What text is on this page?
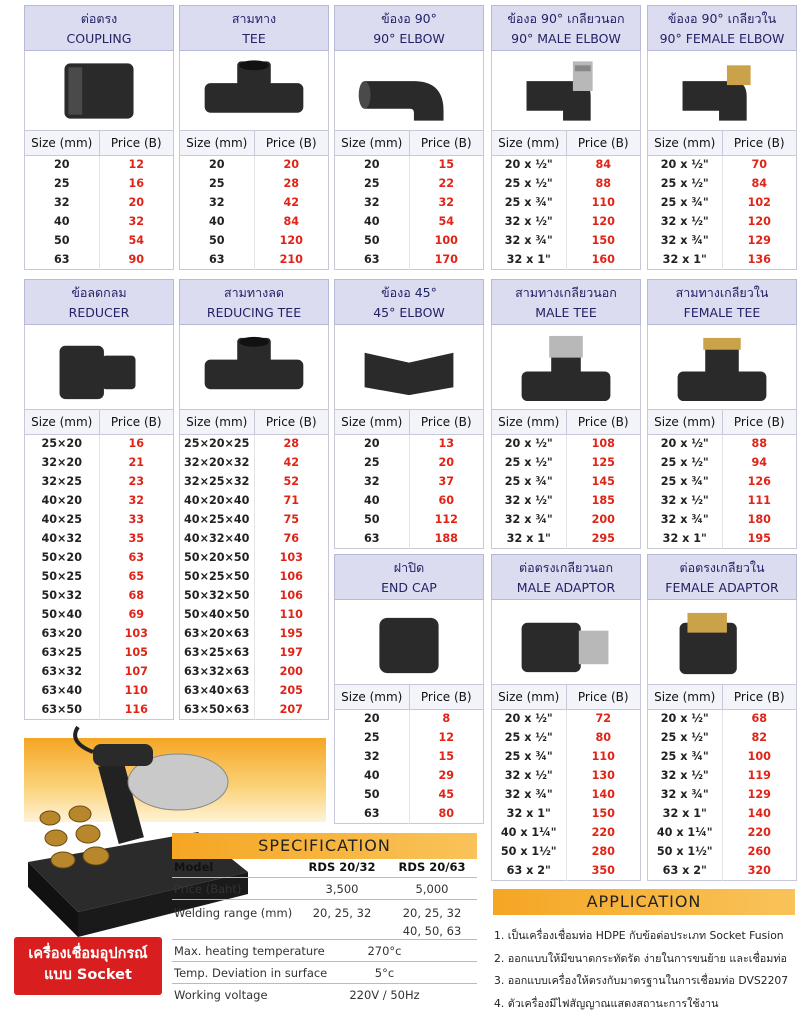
ต่อตรง
COUPLING
Size (mm)	Price (B)
20	12
25	16
32	20
40	32
50	54
63	90
สามทาง
TEE
Size (mm)	Price (B)
20	20
25	28
32	42
40	84
50	120
63	210
ข้องอ 90°
90° ELBOW
Size (mm)	Price (B)
20	15
25	22
32	32
40	54
50	100
63	170
ข้องอ 90° เกลียวนอก
90° MALE ELBOW
Size (mm)	Price (B)
20 x ½"	84
25 x ½"	88
25 x ¾"	110
32 x ½"	120
32 x ¾"	150
32 x 1"	160
ข้องอ 90° เกลียวใน
90° FEMALE ELBOW
Size (mm)	Price (B)
20 x ½"	70
25 x ½"	84
25 x ¾"	102
32 x ½"	120
32 x ¾"	129
32 x 1"	136
ข้อลดกลม
REDUCER
Size (mm)	Price (B)
25×20	16
32×20	21
32×25	23
40×20	32
40×25	33
40×32	35
50×20	63
50×25	65
50×32	68
50×40	69
63×20	103
63×25	105
63×32	107
63×40	110
63×50	116
สามทางลด
REDUCING TEE
Size (mm)	Price (B)
25×20×25	28
32×20×32	42
32×25×32	52
40×20×40	71
40×25×40	75
40×32×40	76
50×20×50	103
50×25×50	106
50×32×50	106
50×40×50	110
63×20×63	195
63×25×63	197
63×32×63	200
63×40×63	205
63×50×63	207
ข้องอ 45°
45° ELBOW
Size (mm)	Price (B)
20	13
25	20
32	37
40	60
50	112
63	188
สามทางเกลียวนอก
MALE TEE
Size (mm)	Price (B)
20 x ½"	108
25 x ½"	125
25 x ¾"	145
32 x ½"	185
32 x ¾"	200
32 x 1"	295
สามทางเกลียวใน
FEMALE TEE
Size (mm)	Price (B)
20 x ½"	88
25 x ½"	94
25 x ¾"	126
32 x ½"	111
32 x ¾"	180
32 x 1"	195
ฝาปิด
END CAP
Size (mm)	Price (B)
20	8
25	12
32	15
40	29
50	45
63	80
ต่อตรงเกลียวนอก
MALE ADAPTOR
Size (mm)	Price (B)
20 x ½"	72
25 x ½"	80
25 x ¾"	110
32 x ½"	130
32 x ¾"	140
32 x 1"	150
40 x 1¼"	220
50 x 1½"	280
63 x 2"	350
ต่อตรงเกลียวใน
FEMALE ADAPTOR
Size (mm)	Price (B)
20 x ½"	68
25 x ½"	82
25 x ¾"	100
32 x ½"	119
32 x ¾"	129
32 x 1"	140
40 x 1¼"	220
50 x 1½"	260
63 x 2"	320
เครื่องเชื่อมอุปกรณ์
แบบ Socket
SPECIFICATION
Model	RDS 20/32	RDS 20/63
Price (Baht)	3,500	5,000
Welding range (mm)	20, 25, 32	20, 25, 32
40, 50, 63
Max. heating temperature	270°c
Temp. Deviation in surface	5°c
Working voltage	220V / 50Hz
APPLICATION
1. เป็นเครื่องเชื่อมท่อ HDPE กับข้อต่อประเภท Socket Fusion
2. ออกแบบให้มีขนาดกระทัดรัด ง่ายในการขนย้าย และเชื่อมท่อ
3. ออกแบบเครื่องให้ตรงกับมาตรฐานในการเชื่อมท่อ DVS2207
4. ตัวเครื่องมีไฟสัญญาณแสดงสถานะการใช้งาน
